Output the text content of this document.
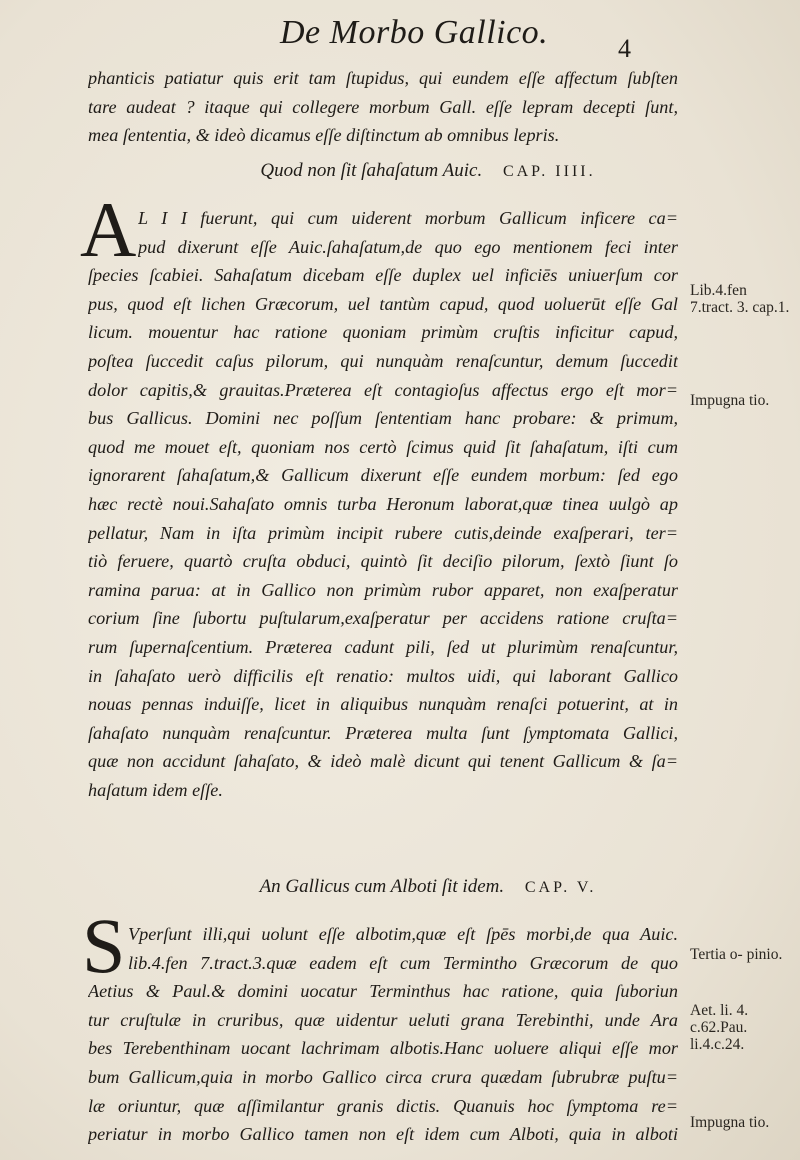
De Morbo Gallico.	4
phanticis patiatur quis erit tam ſtupidus, qui eundem eſſe affectum ſubſten
tare audeat ? itaque qui collegere morbum Gall. eſſe lepram decepti ſunt,
mea ſententia, & ideò dicamus eſſe diſtinctum ab omnibus lepris.
Quod non ſit ſahaſatum Auic. CAP. IIII.
A L I I fuerunt, qui cum uiderent morbum Gallicum inficere ca=
pud dixerunt eſſe Auic.ſahaſatum,de quo ego mentionem feci inter
ſpecies ſcabiei. Sahaſatum dicebam eſſe duplex uel inficiēs uniuerſum cor
pus, quod eſt lichen Græcorum, uel tantùm capud, quod uoluerūt eſſe Gal
licum. mouentur hac ratione quoniam primùm cruſtis inficitur capud,
poſtea ſuccedit caſus pilorum, qui nunquàm renaſcuntur, demum ſuccedit
dolor capitis,& grauitas.Præterea eſt contagioſus affectus ergo eſt mor=
bus Gallicus. Domini nec poſſum ſententiam hanc probare: & primum,
quod me mouet eſt, quoniam nos certò ſcimus quid ſit ſahaſatum, iſti cum
ignorarent ſahaſatum,& Gallicum dixerunt eſſe eundem morbum: ſed ego
hæc rectè noui.Sahaſato omnis turba Heronum laborat,quæ tinea uulgò ap
pellatur, Nam in iſta primùm incipit rubere cutis,deinde exaſperari, ter=
tiò feruere, quartò cruſta obduci, quintò ſit deciſio pilorum, ſextò ſiunt ſo
ramina parua: at in Gallico non primùm rubor apparet, non exaſperatur
corium ſine ſubortu puſtularum,exaſperatur per accidens ratione cruſta=
rum ſupernaſcentium. Præterea cadunt pili, ſed ut plurimùm renaſcuntur,
in ſahaſato uerò difficilis eſt renatio: multos uidi, qui laborant Gallico
nouas pennas induiſſe, licet in aliquibus nunquàm renaſci potuerint, at in
ſahaſato nunquàm renaſcuntur. Præterea multa ſunt ſymptomata Gallici,
quæ non accidunt ſahaſato, & ideò malè dicunt qui tenent Gallicum & ſa=
haſatum idem eſſe.
An Gallicus cum Alboti ſit idem. CAP. V.
S Vperſunt illi,qui uolunt eſſe albotim,quæ eſt ſpēs morbi,de qua Auic.
lib.4.fen 7.tract.3.quæ eadem eſt cum Termintho Græcorum de quo
Aetius & Paul.& domini uocatur Terminthus hac ratione, quia ſuboriun
tur cruſtulæ in cruribus, quæ uidentur ueluti grana Terebinthi, unde Ara
bes Terebenthinam uocant lachrimam albotis.Hanc uoluere aliqui eſſe mor
bum Gallicum,quia in morbo Gallico circa crura quædam ſubrubræ puſtu=
læ oriuntur, quæ aſſimilantur granis dictis. Quanuis hoc ſymptoma re=
periatur in morbo Gallico tamen non eſt idem cum Alboti, quia in alboti
Lib.4.fen 7.tract. 3. cap.1.
Impugna tio.
Tertia o- pinio.
Aet. li. 4. c.62.Pau. li.4.c.24.
Impugna tio.
